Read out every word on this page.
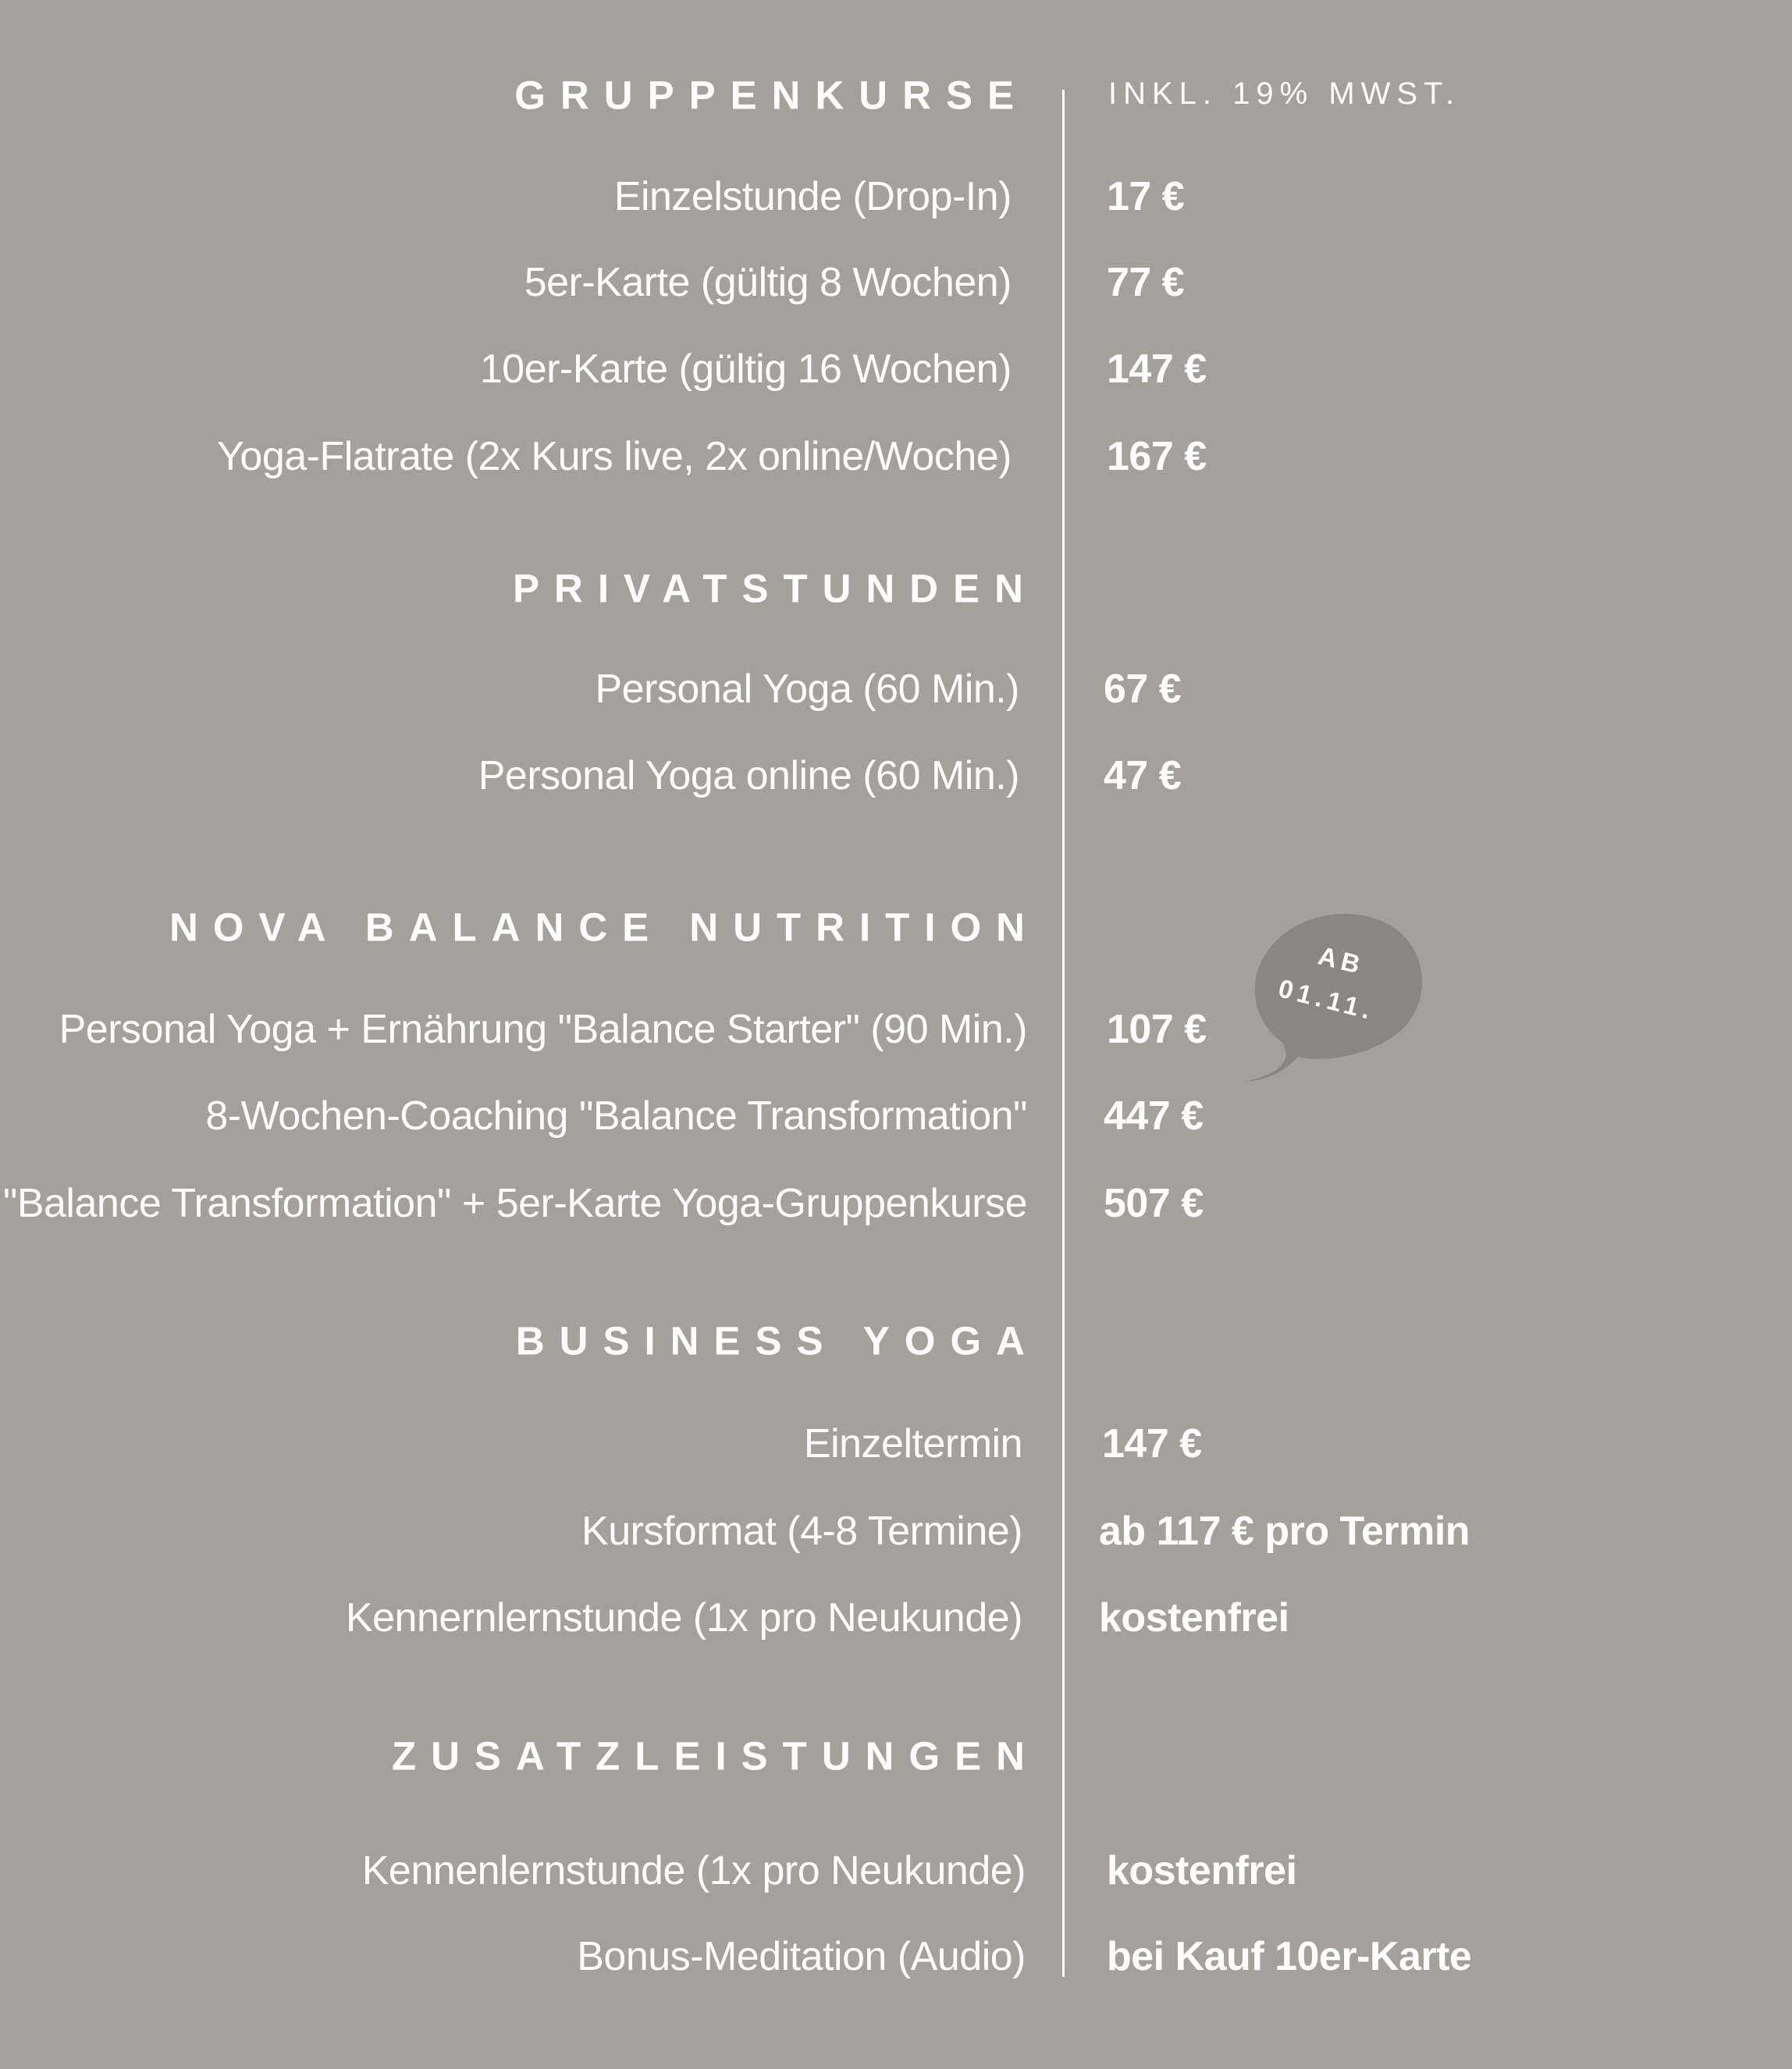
INKL. 19% MWST.
GRUPPENKURSE
Einzelstunde (Drop-In) 17 €
5er-Karte (gültig 8 Wochen) 77 €
10er-Karte (gültig 16 Wochen) 147 €
Yoga-Flatrate (2x Kurs live, 2x online/Woche) 167 €
PRIVATSTUNDEN
Personal Yoga (60 Min.) 67 €
Personal Yoga online (60 Min.) 47 €
NOVA BALANCE NUTRITION
Personal Yoga + Ernährung "Balance Starter" (90 Min.) 107 €
8-Wochen-Coaching "Balance Transformation" 447 €
"Balance Transformation" + 5er-Karte Yoga-Gruppenkurse 507 €
AB
01.11.
BUSINESS YOGA
Einzeltermin 147 €
Kursformat (4-8 Termine) ab 117 € pro Termin
Kennernlernstunde (1x pro Neukunde) kostenfrei
ZUSATZLEISTUNGEN
Kennenlernstunde (1x pro Neukunde) kostenfrei
Bonus-Meditation (Audio) bei Kauf 10er-Karte
